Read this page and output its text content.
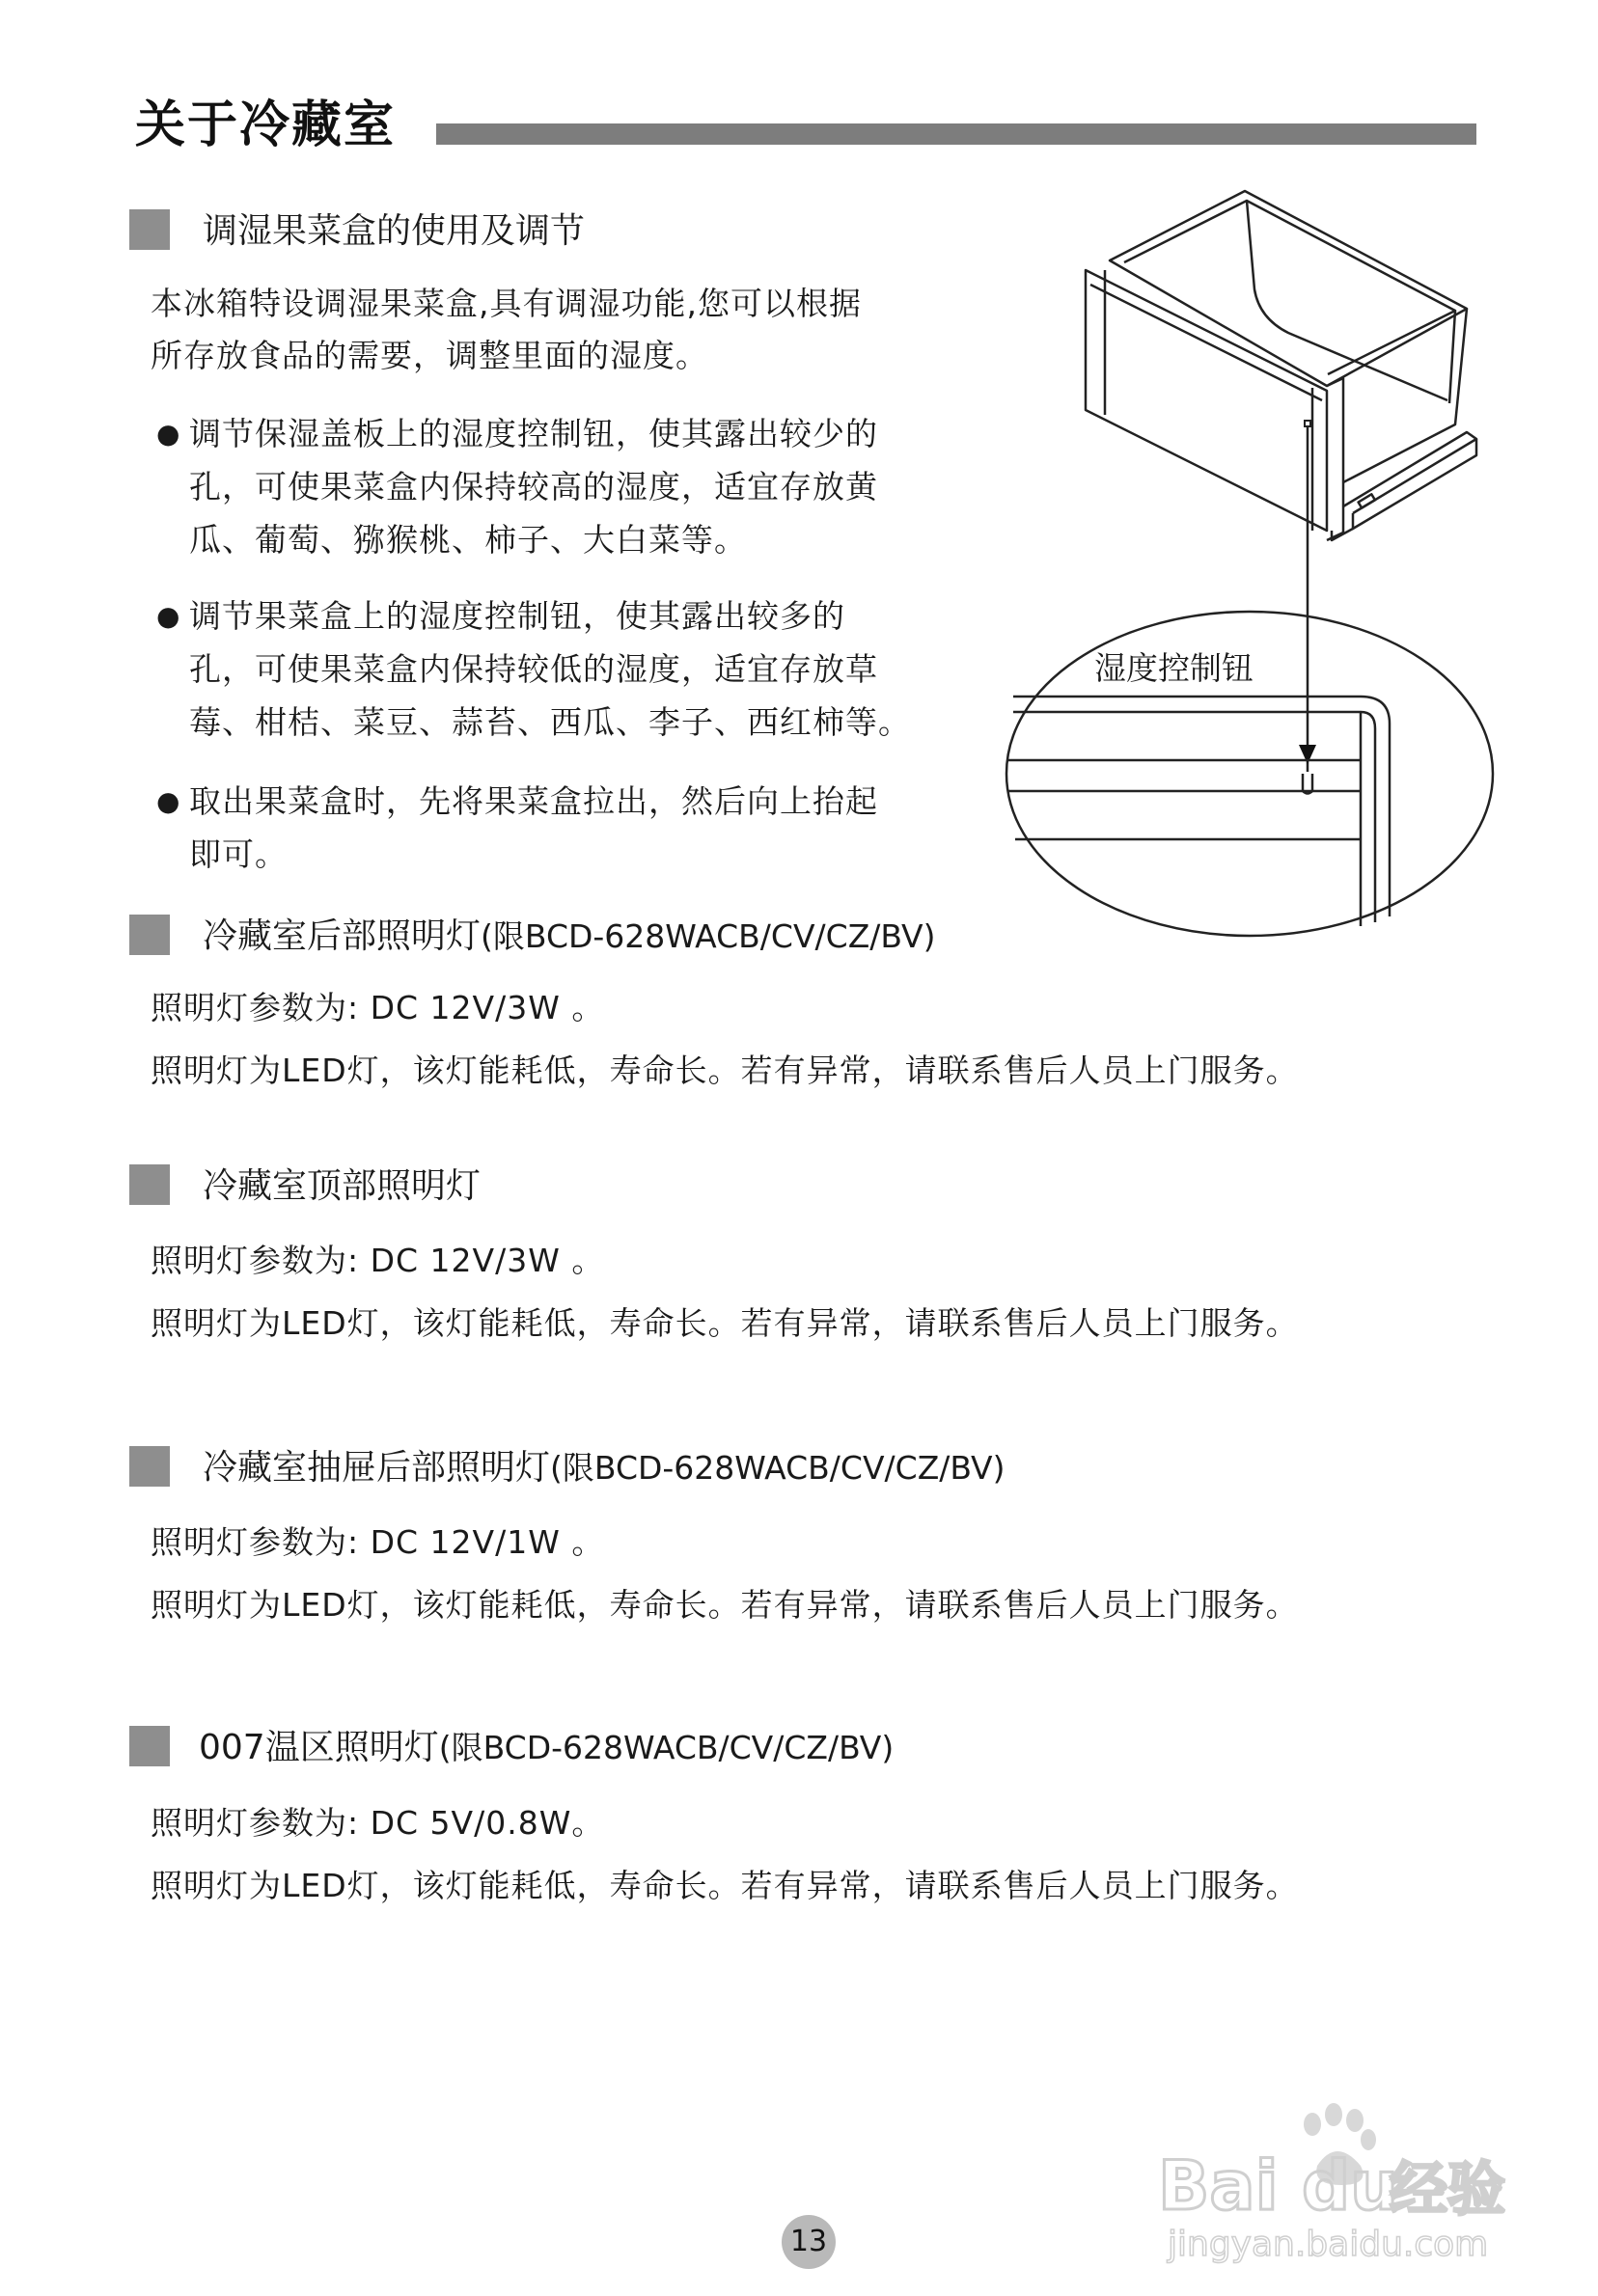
关于冷藏室
调湿果菜盒的使用及调节
本冰箱特设调湿果菜盒,具有调湿功能,您可以根据
所存放食品的需要，调整里面的湿度。
● 调节保湿盖板上的湿度控制钮，使其露出较少的
孔，可使果菜盒内保持较高的湿度，适宜存放黄
瓜、葡萄、猕猴桃、柿子、大白菜等。
● 调节果菜盒上的湿度控制钮，使其露出较多的
孔，可使果菜盒内保持较低的湿度，适宜存放草
莓、柑桔、菜豆、蒜苔、西瓜、李子、西红柿等。
● 取出果菜盒时，先将果菜盒拉出，然后向上抬起
即可。
湿度控制钮
冷藏室后部照明灯(限BCD-628WACB/CV/CZ/BV)
照明灯参数为: DC 12V/3W 。
照明灯为LED灯，该灯能耗低，寿命长。若有异常，请联系售后人员上门服务。
冷藏室顶部照明灯
照明灯参数为: DC 12V/3W 。
照明灯为LED灯，该灯能耗低，寿命长。若有异常，请联系售后人员上门服务。
冷藏室抽屉后部照明灯(限BCD-628WACB/CV/CZ/BV)
照明灯参数为: DC 12V/1W 。
照明灯为LED灯，该灯能耗低，寿命长。若有异常，请联系售后人员上门服务。
007温区照明灯(限BCD-628WACB/CV/CZ/BV)
照明灯参数为: DC 5V/0.8W。
照明灯为LED灯，该灯能耗低，寿命长。若有异常，请联系售后人员上门服务。
Bai du
经验
jingyan.baidu.com
13
